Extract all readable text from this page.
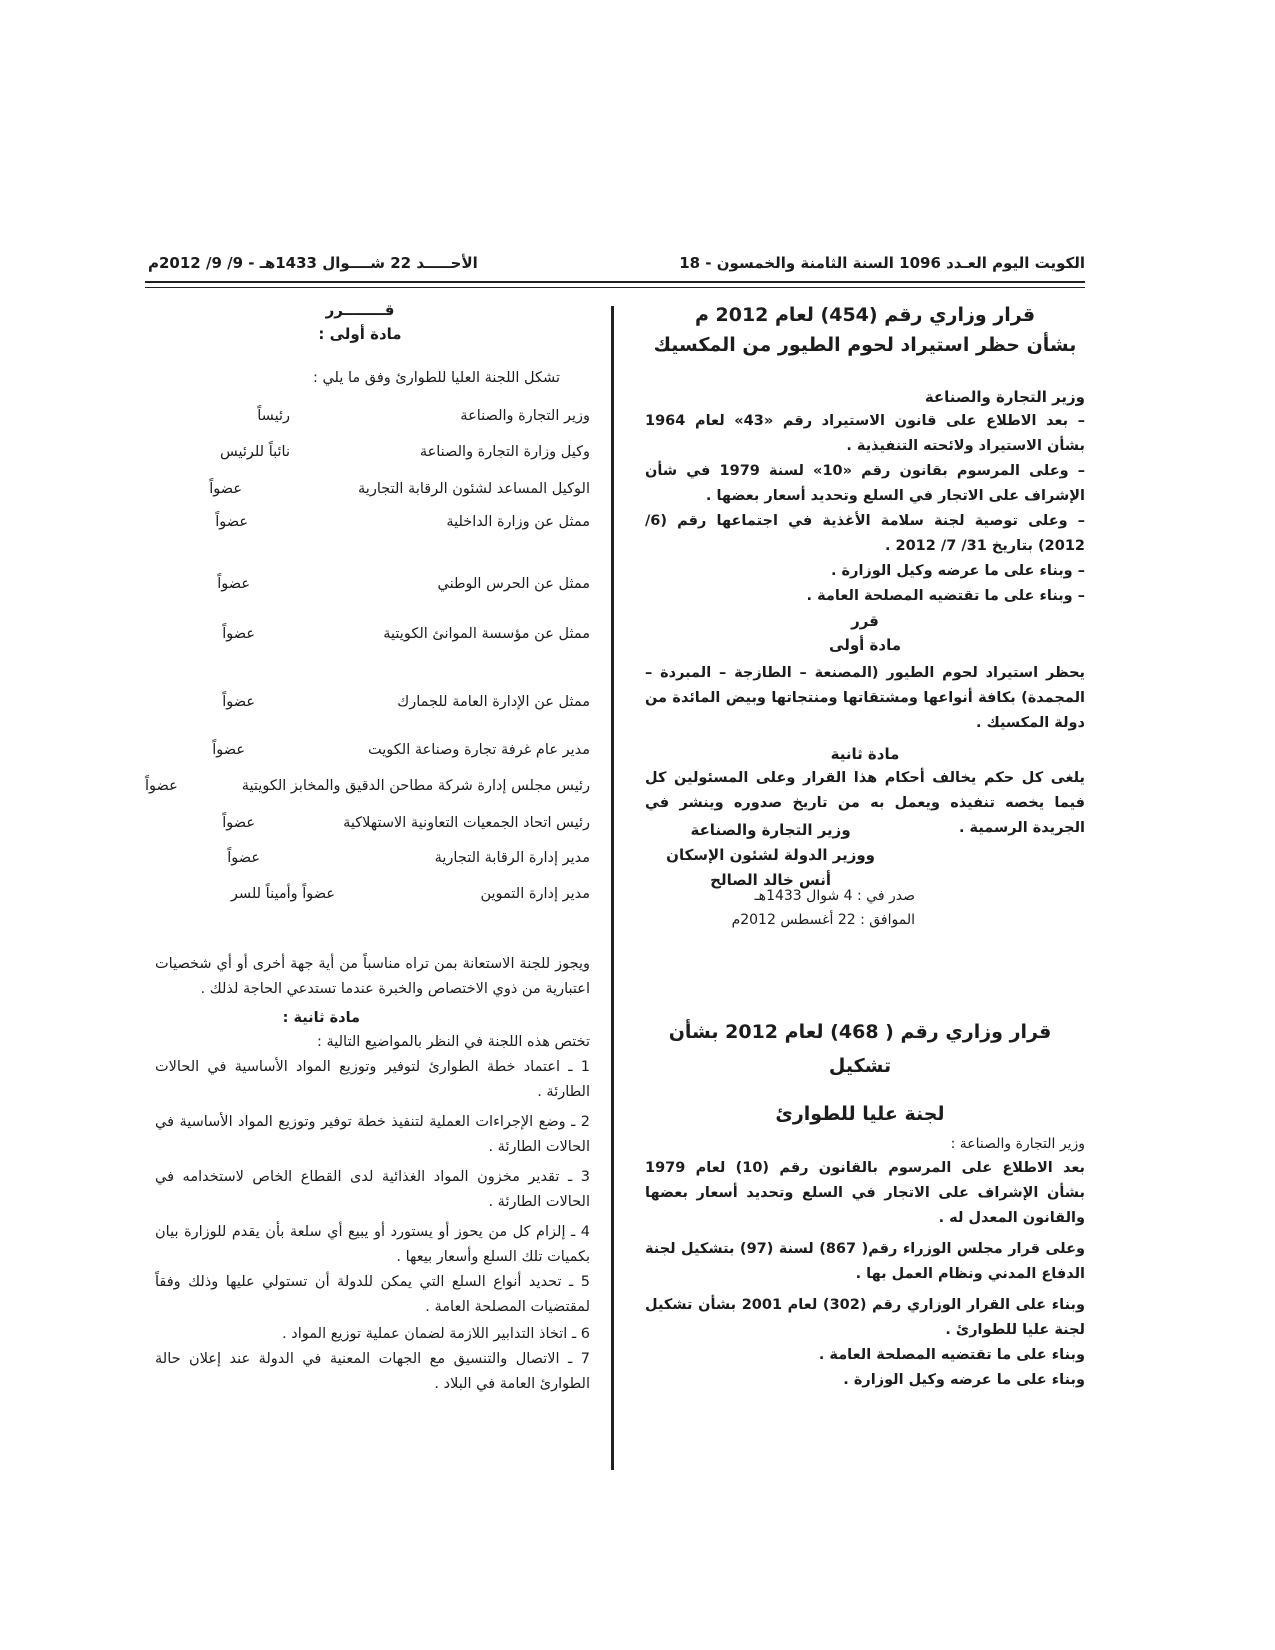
الكويت اليوم العـدد 1096 السنة الثامنة والخمسون - 18
الأحـــــد 22 شــــوال 1433هـ - 9/ 9/ 2012م
قرار وزاري رقم (454) لعام 2012 م
بشأن حظر استيراد لحوم الطيور من المكسيك
وزير التجارة والصناعة

– بعد الاطلاع على قانون الاستيراد رقم «43» لعام 1964 بشأن الاستيراد ولائحته التنفيذية .

– وعلى المرسوم بقانون رقم «10» لسنة 1979 في شأن الإشراف على الاتجار في السلع وتحديد أسعار بعضها .

– وعلى توصية لجنة سلامة الأغذية في اجتماعها رقم (6/ 2012) بتاريخ 31/ 7/ 2012 .

– وبناء على ما عرضه وكيل الوزارة .

– وبناء على ما تقتضيه المصلحة العامة .

قرر
مادة أولى
يحظر استيراد لحوم الطيور (المصنعة – الطازجة – المبردة – المجمدة) بكافة أنواعها ومشتقاتها ومنتجاتها وبيض المائدة من دولة المكسيك .
مادة ثانية
يلغى كل حكم يخالف أحكام هذا القرار وعلى المسئولين كل فيما يخصه تنفيذه ويعمل به من تاريخ صدوره وينشر في الجريدة الرسمية .
وزير التجارة والصناعة
ووزير الدولة لشئون الإسكان
أنس خالد الصالح
صدر في : 4 شوال 1433هـ
الموافق : 22 أغسطس 2012م
قرار وزاري رقم ( 468) لعام 2012 بشأن تشكيل
لجنة عليا للطوارئ
وزير التجارة والصناعة :

بعد الاطلاع على المرسوم بالقانون رقم (10) لعام 1979 بشأن الإشراف على الاتجار في السلع وتحديد أسعار بعضها والقانون المعدل له .

وعلى قرار مجلس الوزراء رقم( 867) لسنة (97) بتشكيل لجنة الدفاع المدني ونظام العمل بها .

وبناء على القرار الوزاري رقم (302) لعام 2001 بشأن تشكيل لجنة عليا للطوارئ .

وبناء على ما تقتضيه المصلحة العامة .

وبناء على ما عرضه وكيل الوزارة .

قــــــــرر
مادة أولى :
تشكل اللجنة العليا للطوارئ وفق ما يلي :
وزير التجارة والصناعة
رئيساً
وكيل وزارة التجارة والصناعة
نائباً للرئيس
الوكيل المساعد لشئون الرقابة التجارية
عضواً
ممثل عن وزارة الداخلية
عضواً
ممثل عن الحرس الوطني
عضواً
ممثل عن مؤسسة الموانئ الكويتية
عضواً
ممثل عن الإدارة العامة للجمارك
عضواً
مدير عام غرفة تجارة وصناعة الكويت
عضواً
رئيس مجلس إدارة شركة مطاحن الدقيق والمخابز الكويتية
عضواً
رئيس اتحاد الجمعيات التعاونية الاستهلاكية
عضواً
مدير إدارة الرقابة التجارية
عضواً
مدير إدارة التموين
عضواً وأميناً للسر
ويجوز للجنة الاستعانة بمن تراه مناسباً من أية جهة أخرى أو أي شخصيات اعتبارية من ذوي الاختصاص والخبرة عندما تستدعي الحاجة لذلك .
مادة ثانية :
تختص هذه اللجنة في النظر بالمواضيع التالية :

1 ـ اعتماد خطة الطوارئ لتوفير وتوزيع المواد الأساسية في الحالات الطارئة .

2 ـ وضع الإجراءات العملية لتنفيذ خطة توفير وتوزيع المواد الأساسية في الحالات الطارئة .

3 ـ تقدير مخزون المواد الغذائية لدى القطاع الخاص لاستخدامه في الحالات الطارئة .

4 ـ إلزام كل من يحوز أو يستورد أو يبيع أي سلعة بأن يقدم للوزارة بيان بكميات تلك السلع وأسعار بيعها .

5 ـ تحديد أنواع السلع التي يمكن للدولة أن تستولي عليها وذلك وفقاً لمقتضيات المصلحة العامة .

6 ـ اتخاذ التدابير اللازمة لضمان عملية توزيع المواد .

7 ـ الاتصال والتنسيق مع الجهات المعنية في الدولة عند إعلان حالة الطوارئ العامة في البلاد .
